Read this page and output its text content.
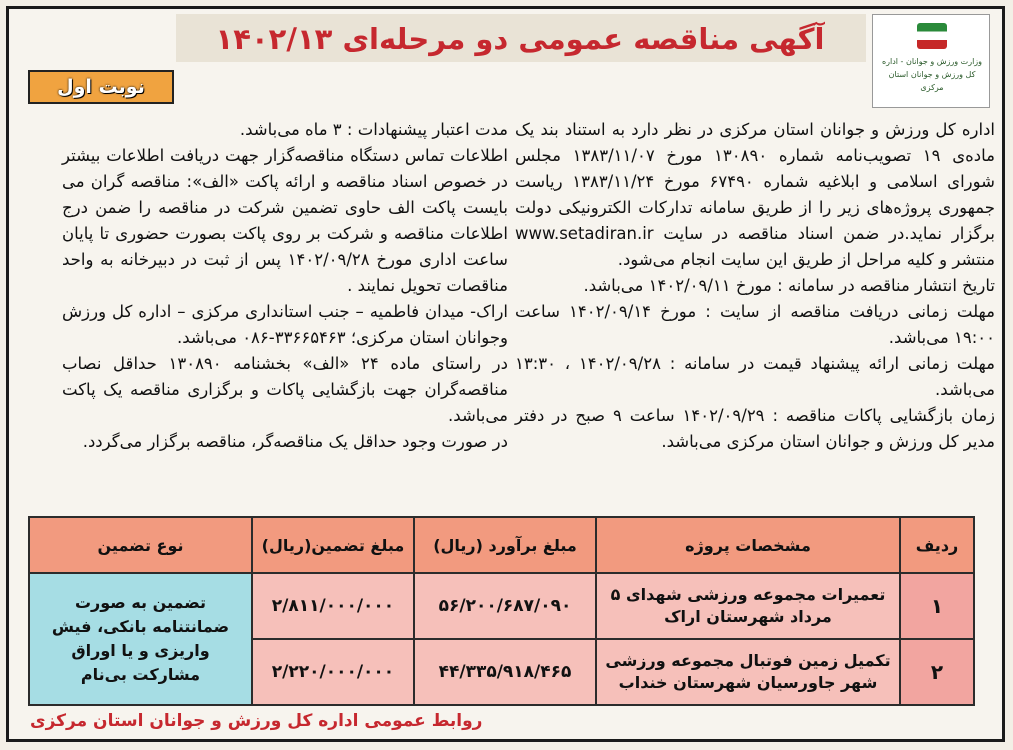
آگهی مناقصه عمومی دو مرحله‌ای ۱۴۰۲/۱۳
وزارت ورزش و جوانان - اداره کل ورزش و جوانان استان مرکزی
نوبت اول

اداره کل ورزش و جوانان استان مرکزی در نظر دارد به استناد بند یک ماده‌ی ۱۹ تصویب‌نامه شماره ۱۳۰۸۹۰ مورخ ۱۳۸۳/۱۱/۰۷ مجلس شورای اسلامی و ابلاغیه شماره ۶۷۴۹۰ مورخ ۱۳۸۳/۱۱/۲۴ ریاست جمهوری پروژه‌های زیر را از طریق سامانه تدارکات الکترونیکی دولت برگزار نماید.در ضمن اسناد مناقصه در سایت www.setadiran.ir منتشر و کلیه مراحل از طریق این سایت انجام می‌شود.

تاریخ انتشار مناقصه در سامانه : مورخ ۱۴۰۲/۰۹/۱۱ می‌باشد.

مهلت زمانی دریافت مناقصه از سایت : مورخ ۱۴۰۲/۰۹/۱۴ ساعت ۱۹:۰۰ می‌باشد.

مهلت زمانی ارائه پیشنهاد قیمت در سامانه : ۱۴۰۲/۰۹/۲۸ ، ۱۳:۳۰ می‌باشد.

زمان بازگشایی پاکات مناقصه : ۱۴۰۲/۰۹/۲۹ ساعت ۹ صبح در دفتر مدیر کل ورزش و جوانان استان مرکزی می‌باشد.

مدت اعتبار پیشنهادات : ۳ ماه می‌باشد.

اطلاعات تماس دستگاه مناقصه‌گزار جهت دریافت اطلاعات بیشتر در خصوص اسناد مناقصه و ارائه پاکت «الف»: مناقصه گران می بایست پاکت الف حاوی تضمین شرکت در مناقصه را ضمن درج اطلاعات مناقصه و شرکت بر روی پاکت بصورت حضوری تا پایان ساعت اداری مورخ ۱۴۰۲/۰۹/۲۸ پس از ثبت در دبیرخانه به واحد مناقصات تحویل نمایند .

اراک- میدان فاطمیه – جنب استانداری مرکزی – اداره کل ورزش وجوانان استان مرکزی؛ ۳۳۶۶۵۴۶۳-۰۸۶ می‌باشد.

در راستای ماده ۲۴ «الف» بخشنامه ۱۳۰۸۹۰ حداقل نصاب مناقصه‌گران جهت بازگشایی پاکات و برگزاری مناقصه یک پاکت می‌باشد.

در صورت وجود حداقل یک مناقصه‌گر، مناقصه برگزار می‌گردد.

ردیف	مشخصات پروژه	مبلغ برآورد (ریال)	مبلغ تضمین(ریال)	نوع تضمین
۱	تعمیرات مجموعه ورزشی شهدای ۵ مرداد شهرستان اراک	۵۶/۲۰۰/۶۸۷/۰۹۰	۲/۸۱۱/۰۰۰/۰۰۰	تضمین به صورت ضمانتنامه بانکی، فیش واریزی و یا اوراق مشارکت بی‌نام
۲	تکمیل زمین فوتبال مجموعه ورزشی شهر جاورسیان شهرستان خنداب	۴۴/۳۳۵/۹۱۸/۴۶۵	۲/۲۲۰/۰۰۰/۰۰۰	
روابط عمومی اداره کل ورزش و جوانان استان مرکزی
